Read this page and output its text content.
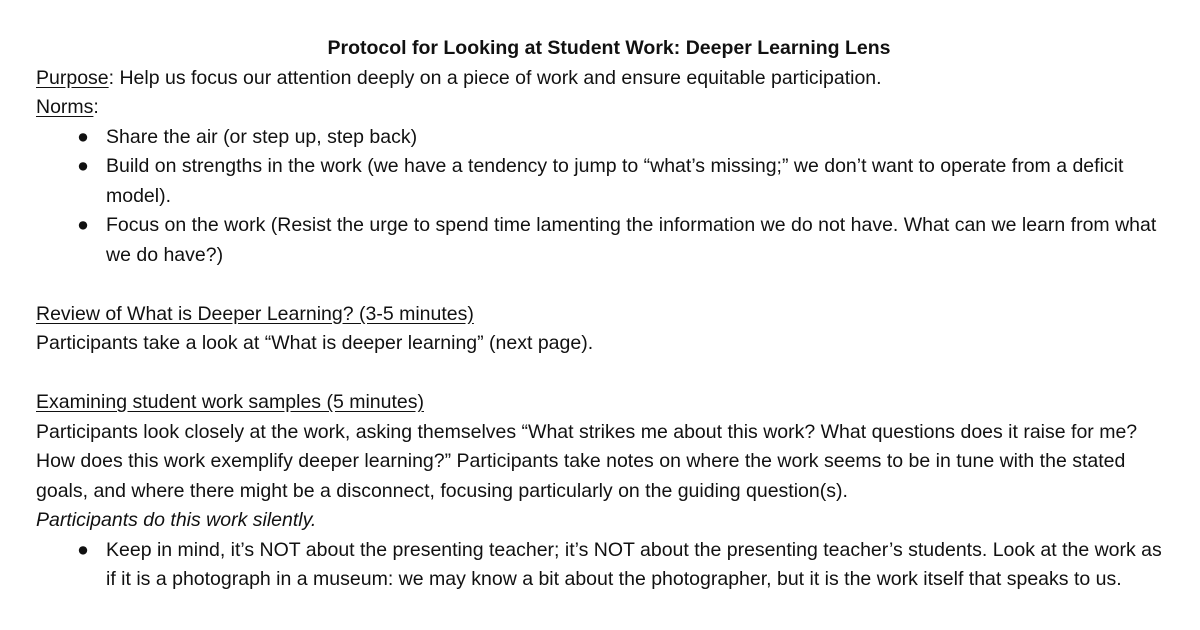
Protocol for Looking at Student Work: Deeper Learning Lens

Purpose: Help us focus our attention deeply on a piece of work and ensure equitable participation.

Norms:

● Share the air (or step up, step back)
● Build on strengths in the work (we have a tendency to jump to “what’s missing;” we don’t want to operate from a deficit model).
● Focus on the work (Resist the urge to spend time lamenting the information we do not have. What can we learn from what we do have?)

Review of What is Deeper Learning? (3-5 minutes)

Participants take a look at “What is deeper learning” (next page).

Examining student work samples (5 minutes)

Participants look closely at the work, asking themselves “What strikes me about this work? What questions does it raise for me? How does this work exemplify deeper learning?” Participants take notes on where the work seems to be in tune with the stated goals, and where there might be a disconnect, focusing particularly on the guiding question(s).

Participants do this work silently.

● Keep in mind, it’s NOT about the presenting teacher; it’s NOT about the presenting teacher’s students. Look at the work as if it is a photograph in a museum: we may know a bit about the photographer, but it is the work itself that speaks to us.
